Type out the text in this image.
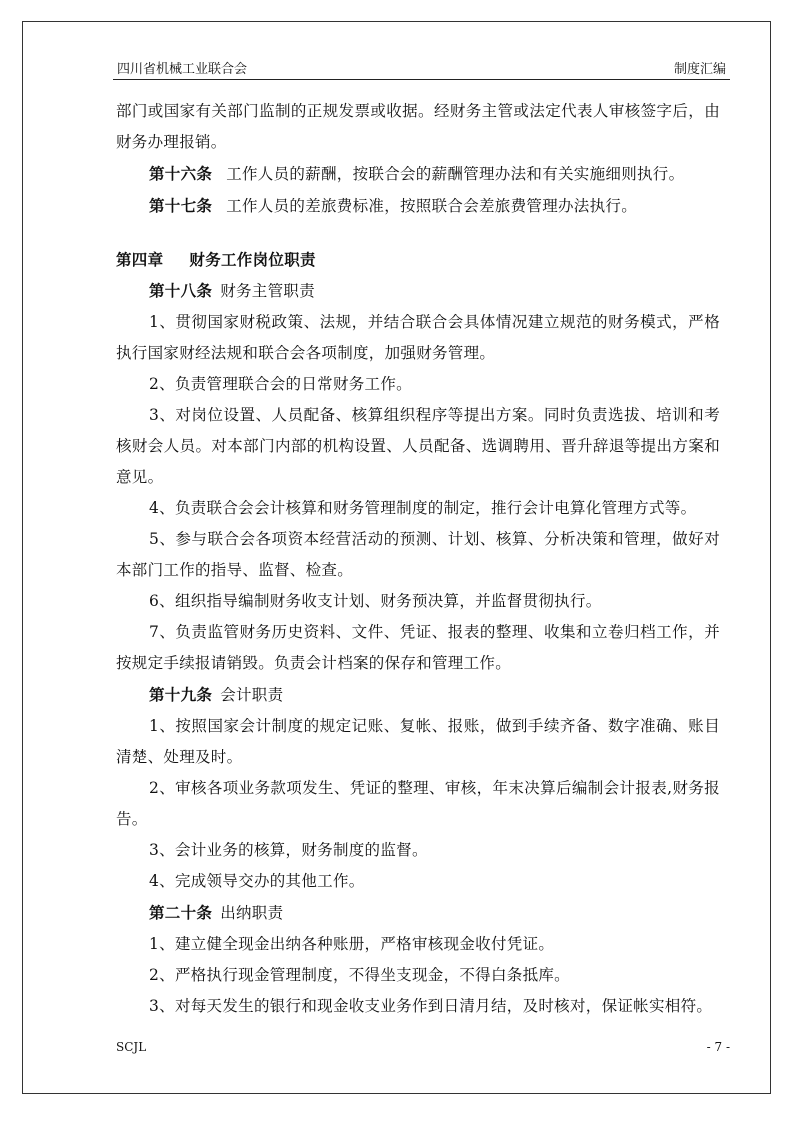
四川省机械工业联合会	制度汇编

部门或国家有关部门监制的正规发票或收据。经财务主管或法定代表人审核签字后，由财务办理报销。

第十六条 工作人员的薪酬，按联合会的薪酬管理办法和有关实施细则执行。

第十七条 工作人员的差旅费标准，按照联合会差旅费管理办法执行。

第四章 财务工作岗位职责

第十八条 财务主管职责

1、贯彻国家财税政策、法规，并结合联合会具体情况建立规范的财务模式，严格执行国家财经法规和联合会各项制度，加强财务管理。

2、负责管理联合会的日常财务工作。

3、对岗位设置、人员配备、核算组织程序等提出方案。同时负责选拔、培训和考核财会人员。对本部门内部的机构设置、人员配备、选调聘用、晋升辞退等提出方案和意见。

4、负责联合会会计核算和财务管理制度的制定，推行会计电算化管理方式等。

5、参与联合会各项资本经营活动的预测、计划、核算、分析决策和管理，做好对本部门工作的指导、监督、检查。

6、组织指导编制财务收支计划、财务预决算，并监督贯彻执行。

7、负责监管财务历史资料、文件、凭证、报表的整理、收集和立卷归档工作，并按规定手续报请销毁。负责会计档案的保存和管理工作。

第十九条 会计职责

1、按照国家会计制度的规定记账、复帐、报账，做到手续齐备、数字准确、账目清楚、处理及时。

2、审核各项业务款项发生、凭证的整理、审核，年末决算后编制会计报表,财务报告。

3、会计业务的核算，财务制度的监督。

4、完成领导交办的其他工作。

第二十条 出纳职责

1、建立健全现金出纳各种账册，严格审核现金收付凭证。

2、严格执行现金管理制度，不得坐支现金，不得白条抵库。

3、对每天发生的银行和现金收支业务作到日清月结，及时核对，保证帐实相符。

SCJL	- 7 -
